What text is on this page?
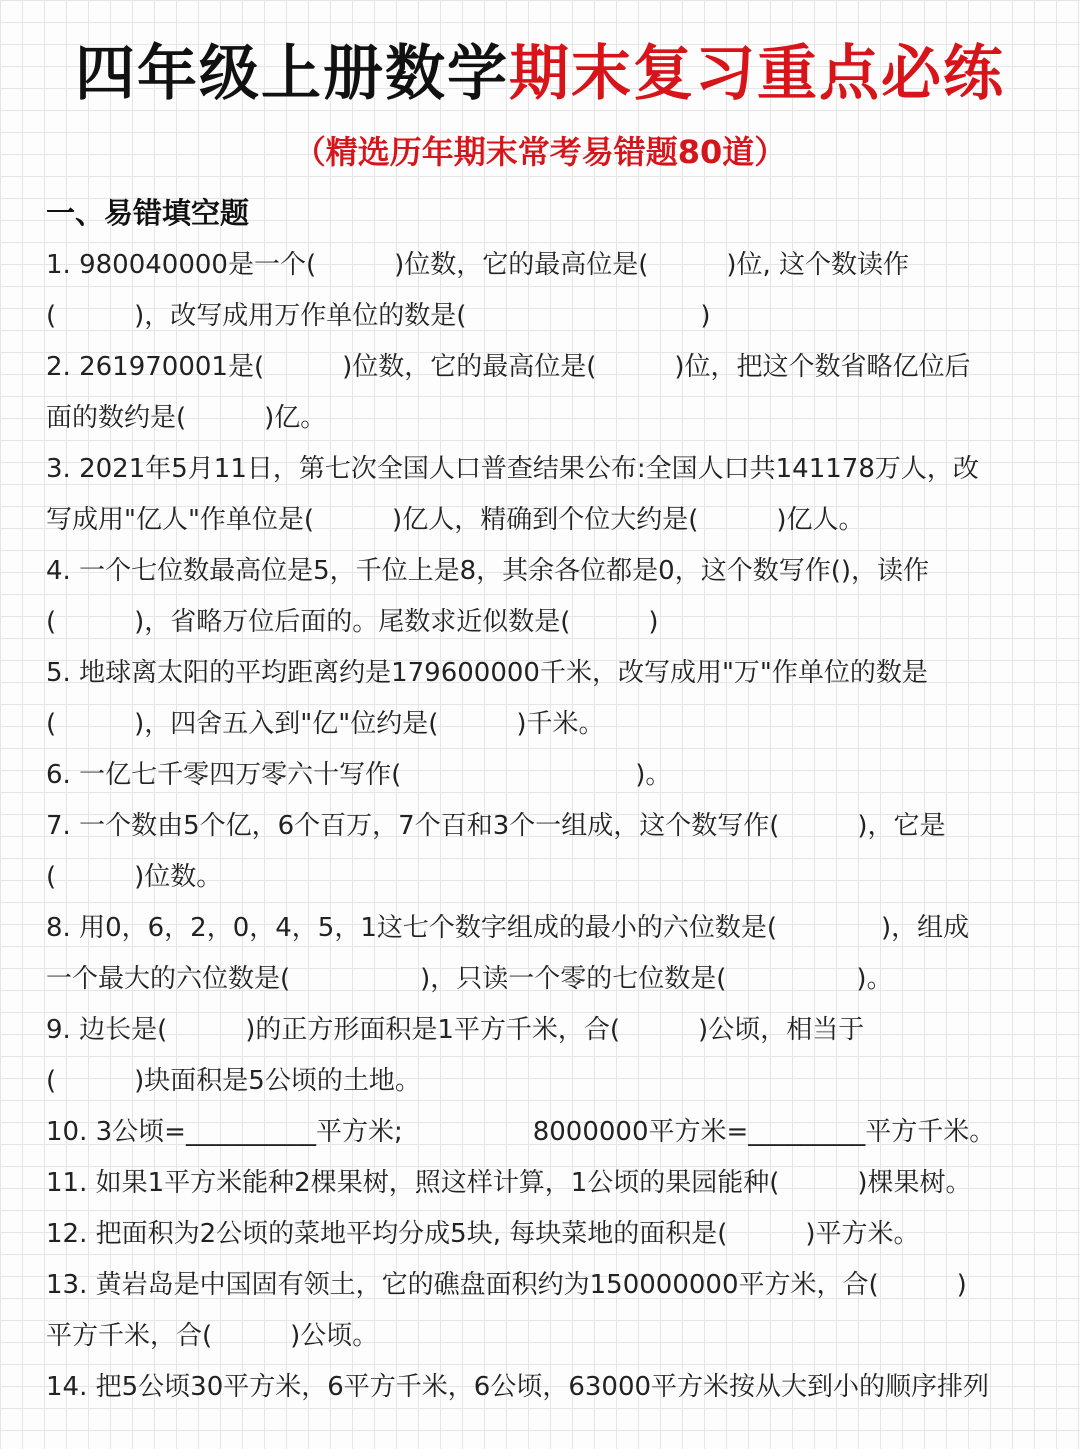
四年级上册数学期末复习重点必练
（精选历年期末常考易错题80道）
一、易错填空题
1. 980040000是一个(　　　)位数，它的最高位是(　　　)位, 这个数读作
(　　　)，改写成用万作单位的数是(　　　　　　　　　)
2. 261970001是(　　　)位数，它的最高位是(　　　)位，把这个数省略亿位后
面的数约是(　　　)亿。
3. 2021年5月11日，第七次全国人口普查结果公布:全国人口共141178万人，改
写成用"亿人"作单位是(　　　)亿人，精确到个位大约是(　　　)亿人。
4. 一个七位数最高位是5，千位上是8，其余各位都是0，这个数写作()，读作
(　　　)，省略万位后面的。尾数求近似数是(　　　)
5. 地球离太阳的平均距离约是179600000千米，改写成用"万"作单位的数是
(　　　)，四舍五入到"亿"位约是(　　　)千米。
6. 一亿七千零四万零六十写作(　　　　　　　　　)。
7. 一个数由5个亿，6个百万，7个百和3个一组成，这个数写作(　　　)，它是
(　　　)位数。
8. 用0，6，2，0，4，5，1这七个数字组成的最小的六位数是(　　　　)，组成
一个最大的六位数是(　　　　　)，只读一个零的七位数是(　　　　　)。
9. 边长是(　　　)的正方形面积是1平方千米，合(　　　)公顷，相当于
(　　　)块面积是5公顷的土地。
10. 3公顷=__________平方米;　　　　　8000000平方米=_________平方千米。
11. 如果1平方米能种2棵果树，照这样计算，1公顷的果园能种(　　　)棵果树。
12. 把面积为2公顷的菜地平均分成5块, 每块菜地的面积是(　　　)平方米。
13. 黄岩岛是中国固有领土，它的礁盘面积约为150000000平方米，合(　　　)
平方千米，合(　　　)公顷。
14. 把5公顷30平方米，6平方千米，6公顷，63000平方米按从大到小的顺序排列
